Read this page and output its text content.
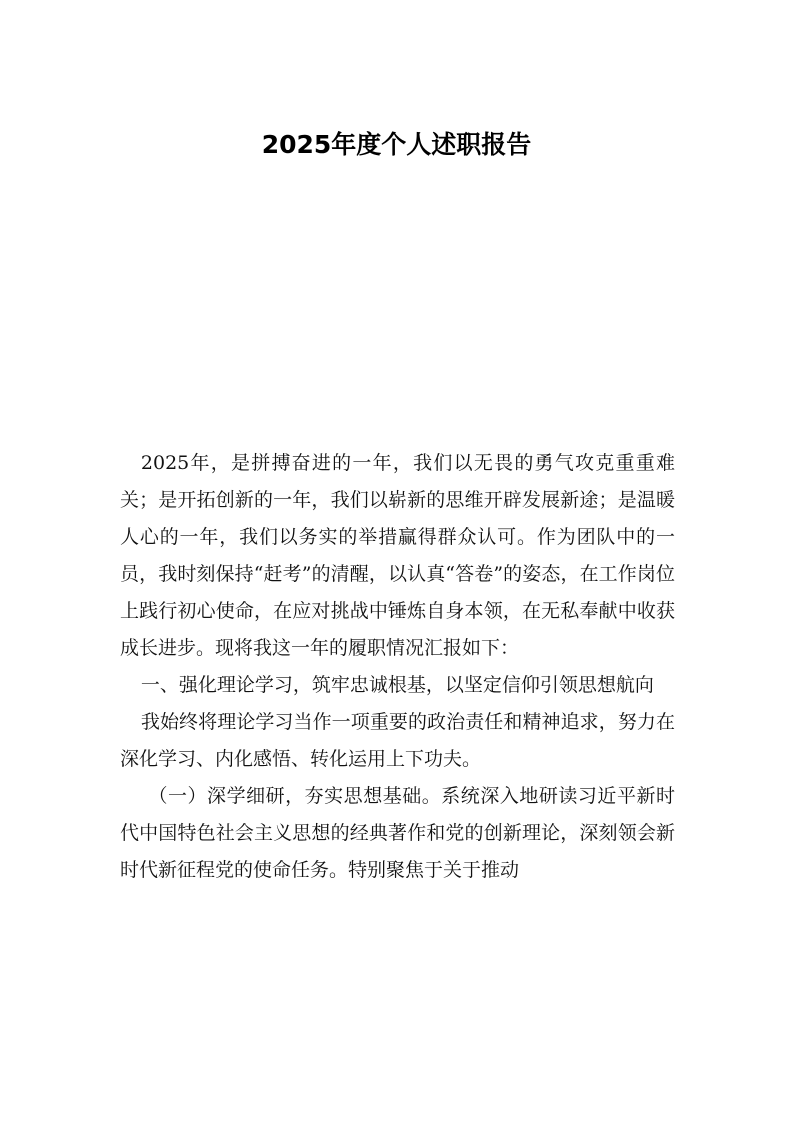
2025年度个人述职报告

2025年，是拼搏奋进的一年，我们以无畏的勇气攻克重重难关；是开拓创新的一年，我们以崭新的思维开辟发展新途；是温暖人心的一年，我们以务实的举措赢得群众认可。作为团队中的一员，我时刻保持“赶考”的清醒，以认真“答卷”的姿态，在工作岗位上践行初心使命，在应对挑战中锤炼自身本领，在无私奉献中收获成长进步。现将我这一年的履职情况汇报如下：

一、强化理论学习，筑牢忠诚根基，以坚定信仰引领思想航向

我始终将理论学习当作一项重要的政治责任和精神追求，努力在深化学习、内化感悟、转化运用上下功夫。

（一）深学细研，夯实思想基础。系统深入地研读习近平新时代中国特色社会主义思想的经典著作和党的创新理论，深刻领会新时代新征程党的使命任务。特别聚焦于关于推动
